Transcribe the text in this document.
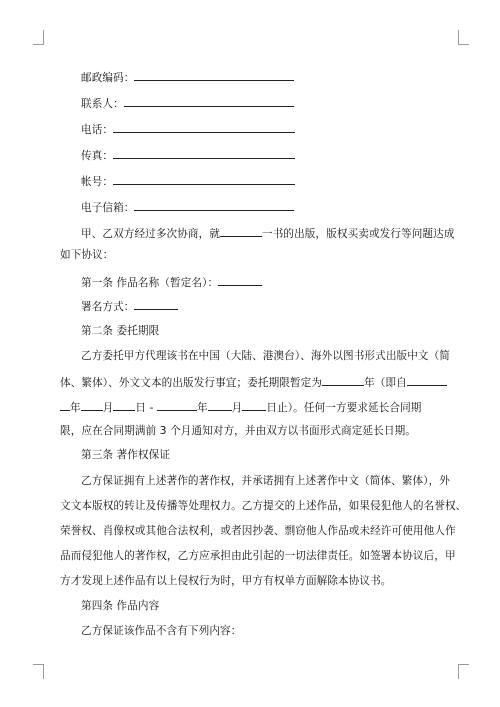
邮政编码：
联系人：
电话：
传真：
帐号：
电子信箱：
甲、乙双方经过多次协商，就	一书的出版，版权买卖或发行等问题达成
如下协议：
第一条 作品名称（暂定名）：
署名方式：
第二条 委托期限
乙方委托甲方代理该书在中国（大陆、港澳台）、海外以图书形式出版中文（简
体、繁体）、外文文本的出版发行事宜；委托期限暂定为	年（即自
年 月 日 -	年 月 日止）。任何一方要求延长合同期
限，应在合同期满前 3 个月通知对方，并由双方以书面形式商定延长日期。
第三条 著作权保证
乙方保证拥有上述著作的著作权，并承诺拥有上述著作中文（简体、繁体），外
文文本版权的转让及传播等处理权力。乙方提交的上述作品，如果侵犯他人的名誉权、
荣誉权、肖像权或其他合法权利，或者因抄袭、剽窃他人作品或未经许可使用他人作
品而侵犯他人的著作权，乙方应承担由此引起的一切法律责任。如签署本协议后，甲
方才发现上述作品有以上侵权行为时，甲方有权单方面解除本协议书。
第四条 作品内容
乙方保证该作品不含有下列内容：
